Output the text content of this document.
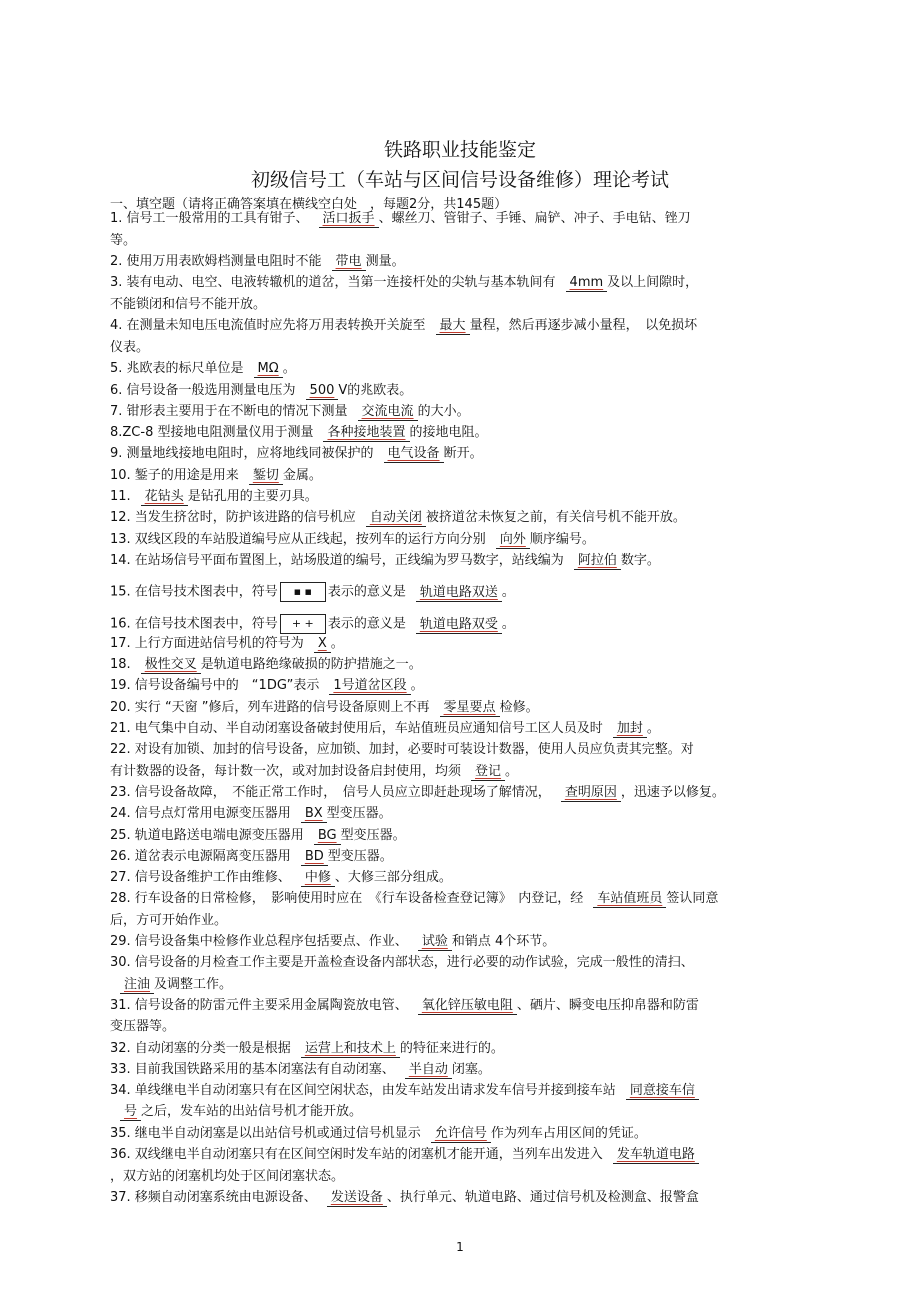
铁路职业技能鉴定
初级信号工（车站与区间信号设备维修）理论考试
一、填空题（请将正确答案填在横线空白处　，每题2分，共145题）
1. 信号工一般常用的工具有钳子、 活口扳手 、螺丝刀、管钳子、手锤、扁铲、冲子、手电钻、锉刀
等。
2. 使用万用表欧姆档测量电阻时不能 带电 测量。
3. 装有电动、电空、电液转辙机的道岔，当第一连接杆处的尖轨与基本轨间有 4mm 及以上间隙时，
不能锁闭和信号不能开放。
4. 在测量未知电压电流值时应先将万用表转换开关旋至 最大 量程，然后再逐步减小量程，　以免损坏
仪表。
5. 兆欧表的标尺单位是 MΩ 。
6. 信号设备一般选用测量电压为 500 V的兆欧表。
7. 钳形表主要用于在不断电的情况下测量 交流电流 的大小。
8.ZC-8 型接地电阻测量仪用于测量 各种接地装置 的接地电阻。
9. 测量地线接地电阻时，应将地线同被保护的 电气设备 断开。
10. 錾子的用途是用来 錾切 金属。
11. 花钻头 是钻孔用的主要刃具。
12. 当发生挤岔时，防护该进路的信号机应 自动关闭 被挤道岔未恢复之前，有关信号机不能开放。
13. 双线区段的车站股道编号应从正线起，按列车的运行方向分别 向外 顺序编号。
14. 在站场信号平面布置图上，站场股道的编号，正线编为罗马数字，站线编为 阿拉伯 数字。
15. 在信号技术图表中，符号 ▪ ▪ 表示的意义是 轨道电路双送 。
16. 在信号技术图表中，符号 + + 表示的意义是 轨道电路双受 。
17. 上行方面进站信号机的符号为 X 。
18. 极性交叉 是轨道电路绝缘破损的防护措施之一。
19. 信号设备编号中的　“1DG”表示 1号道岔区段 。
20. 实行 “天窗 ”修后，列车进路的信号设备原则上不再 零星要点 检修。
21. 电气集中自动、半自动闭塞设备破封使用后，车站值班员应通知信号工区人员及时 加封 。
22. 对设有加锁、加封的信号设备，应加锁、加封，必要时可装设计数器，使用人员应负责其完整。对
有计数器的设备，每计数一次，或对加封设备启封使用，均须 登记 。
23. 信号设备故障，　不能正常工作时，　信号人员应立即赶赴现场了解情况， 查明原因 ，迅速予以修复。
24. 信号点灯常用电源变压器用 BX 型变压器。
25. 轨道电路送电端电源变压器用 BG 型变压器。
26. 道岔表示电源隔离变压器用 BD 型变压器。
27. 信号设备维护工作由维修、 中修 、大修三部分组成。
28. 行车设备的日常检修，　影响使用时应在　《行车设备检查登记簿》　内登记，经 车站值班员 签认同意
后，方可开始作业。
29. 信号设备集中检修作业总程序包括要点、作业、 试验 和销点 4个环节。
30. 信号设备的月检查工作主要是开盖检查设备内部状态，进行必要的动作试验，完成一般性的清扫、
注油 及调整工作。
31. 信号设备的防雷元件主要采用金属陶瓷放电管、 氧化锌压敏电阻 、硒片、瞬变电压抑帛器和防雷
变压器等。
32. 自动闭塞的分类一般是根据 运营上和技术上 的特征来进行的。
33. 目前我国铁路采用的基本闭塞法有自动闭塞、 半自动 闭塞。
34. 单线继电半自动闭塞只有在区间空闲状态，由发车站发出请求发车信号并接到接车站 同意接车信
号 之后，发车站的出站信号机才能开放。
35. 继电半自动闭塞是以出站信号机或通过信号机显示 允许信号 作为列车占用区间的凭证。
36. 双线继电半自动闭塞只有在区间空闲时发车站的闭塞机才能开通，当列车出发进入 发车轨道电路
，双方站的闭塞机均处于区间闭塞状态。
37. 移频自动闭塞系统由电源设备、 发送设备 、执行单元、轨道电路、通过信号机及检测盒、报警盒
1
